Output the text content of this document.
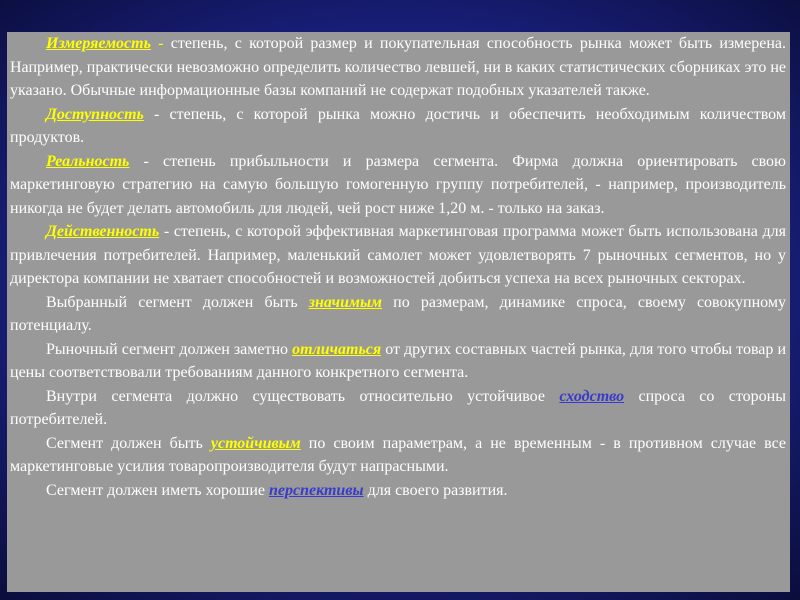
Измеряемость - степень, с которой размер и покупательная способность рынка может быть измерена. Например, практически невозможно определить количество левшей, ни в каких статистических сборниках это не указано. Обычные информационные базы компаний не содержат подобных указателей также.

Доступность - степень, с которой рынка можно достичь и обеспечить необходимым количеством продуктов.

Реальность - степень прибыльности и размера сегмента. Фирма должна ориентировать свою маркетинговую стратегию на самую большую гомогенную группу потребителей, - например, производитель никогда не будет делать автомобиль для людей, чей рост ниже 1,20 м. - только на заказ.

Действенность - степень, с которой эффективная маркетинговая программа может быть использована для привлечения потребителей. Например, маленький самолет может удовлетворять 7 рыночных сегментов, но у директора компании не хватает способностей и возможностей добиться успеха на всех рыночных секторах.

Выбранный сегмент должен быть значимым по размерам, динамике спроса, своему совокупному потенциалу.

Рыночный сегмент должен заметно отличаться от других составных частей рынка, для того чтобы товар и цены соответствовали требованиям данного конкретного сегмента.

Внутри сегмента должно существовать относительно устойчивое сходство спроса со стороны потребителей.

Сегмент должен быть устойчивым по своим параметрам, а не временным - в противном случае все маркетинговые усилия товаропроизводителя будут напрасными.

Сегмент должен иметь хорошие перспективы для своего развития.
